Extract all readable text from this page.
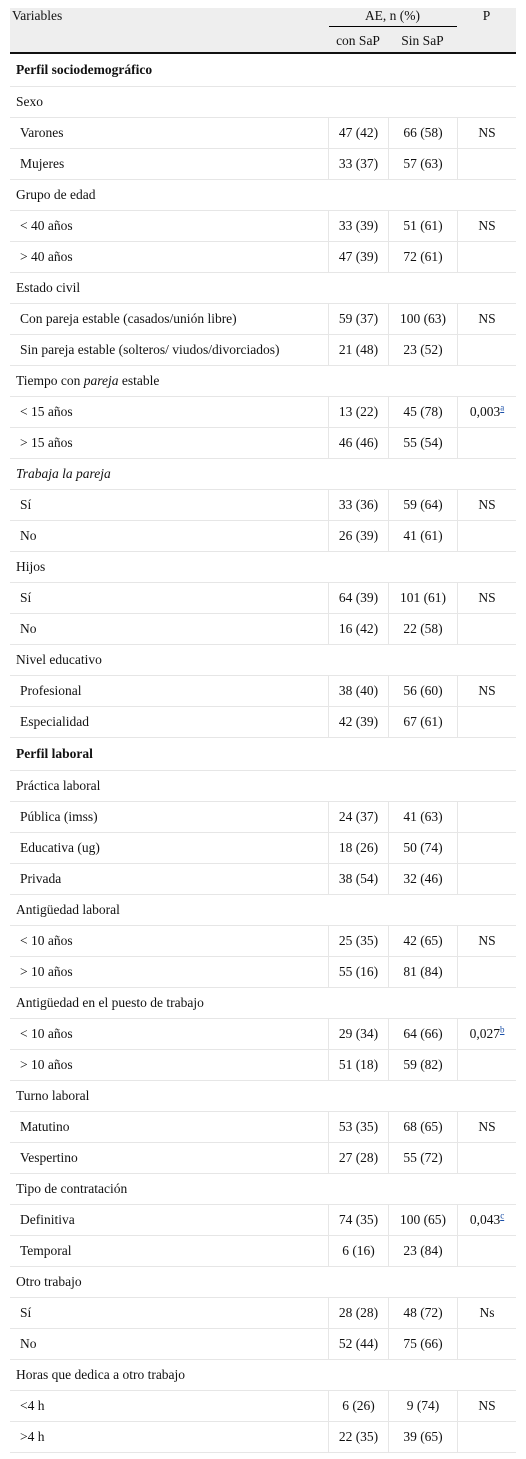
Variables	AE, n (%)		P
	con SaP	Sin SaP	
Perfil sociodemográfico			
Sexo			
Varones	47 (42)	66 (58)	NS
Mujeres	33 (37)	57 (63)	
Grupo de edad			
< 40 años	33 (39)	51 (61)	NS
> 40 años	47 (39)	72 (61)	
Estado civil			
Con pareja estable (casados/unión libre)	59 (37)	100 (63)	NS
Sin pareja estable (solteros/ viudos/divorciados)	21 (48)	23 (52)	
Tiempo con pareja estable			
< 15 años	13 (22)	45 (78)	0,003$^a$
> 15 años	46 (46)	55 (54)	
Trabaja la pareja			
Sí	33 (36)	59 (64)	NS
No	26 (39)	41 (61)	
Hijos			
Sí	64 (39)	101 (61)	NS
No	16 (42)	22 (58)	
Nivel educativo			
Profesional	38 (40)	56 (60)	NS
Especialidad	42 (39)	67 (61)	
Perfil laboral			
Práctica laboral			
Pública (imss)	24 (37)	41 (63)	
Educativa (ug)	18 (26)	50 (74)	
Privada	38 (54)	32 (46)	
Antigüedad laboral			
< 10 años	25 (35)	42 (65)	NS
> 10 años	55 (16)	81 (84)	
Antigüedad en el puesto de trabajo			
< 10 años	29 (34)	64 (66)	0,027$^b$
> 10 años	51 (18)	59 (82)	
Turno laboral			
Matutino	53 (35)	68 (65)	NS
Vespertino	27 (28)	55 (72)	
Tipo de contratación			
Definitiva	74 (35)	100 (65)	0,043$^c$
Temporal	6 (16)	23 (84)	
Otro trabajo			
Sí	28 (28)	48 (72)	Ns
No	52 (44)	75 (66)	
Horas que dedica a otro trabajo			
<4 h	6 (26)	9 (74)	NS
>4 h	22 (35)	39 (65)	
